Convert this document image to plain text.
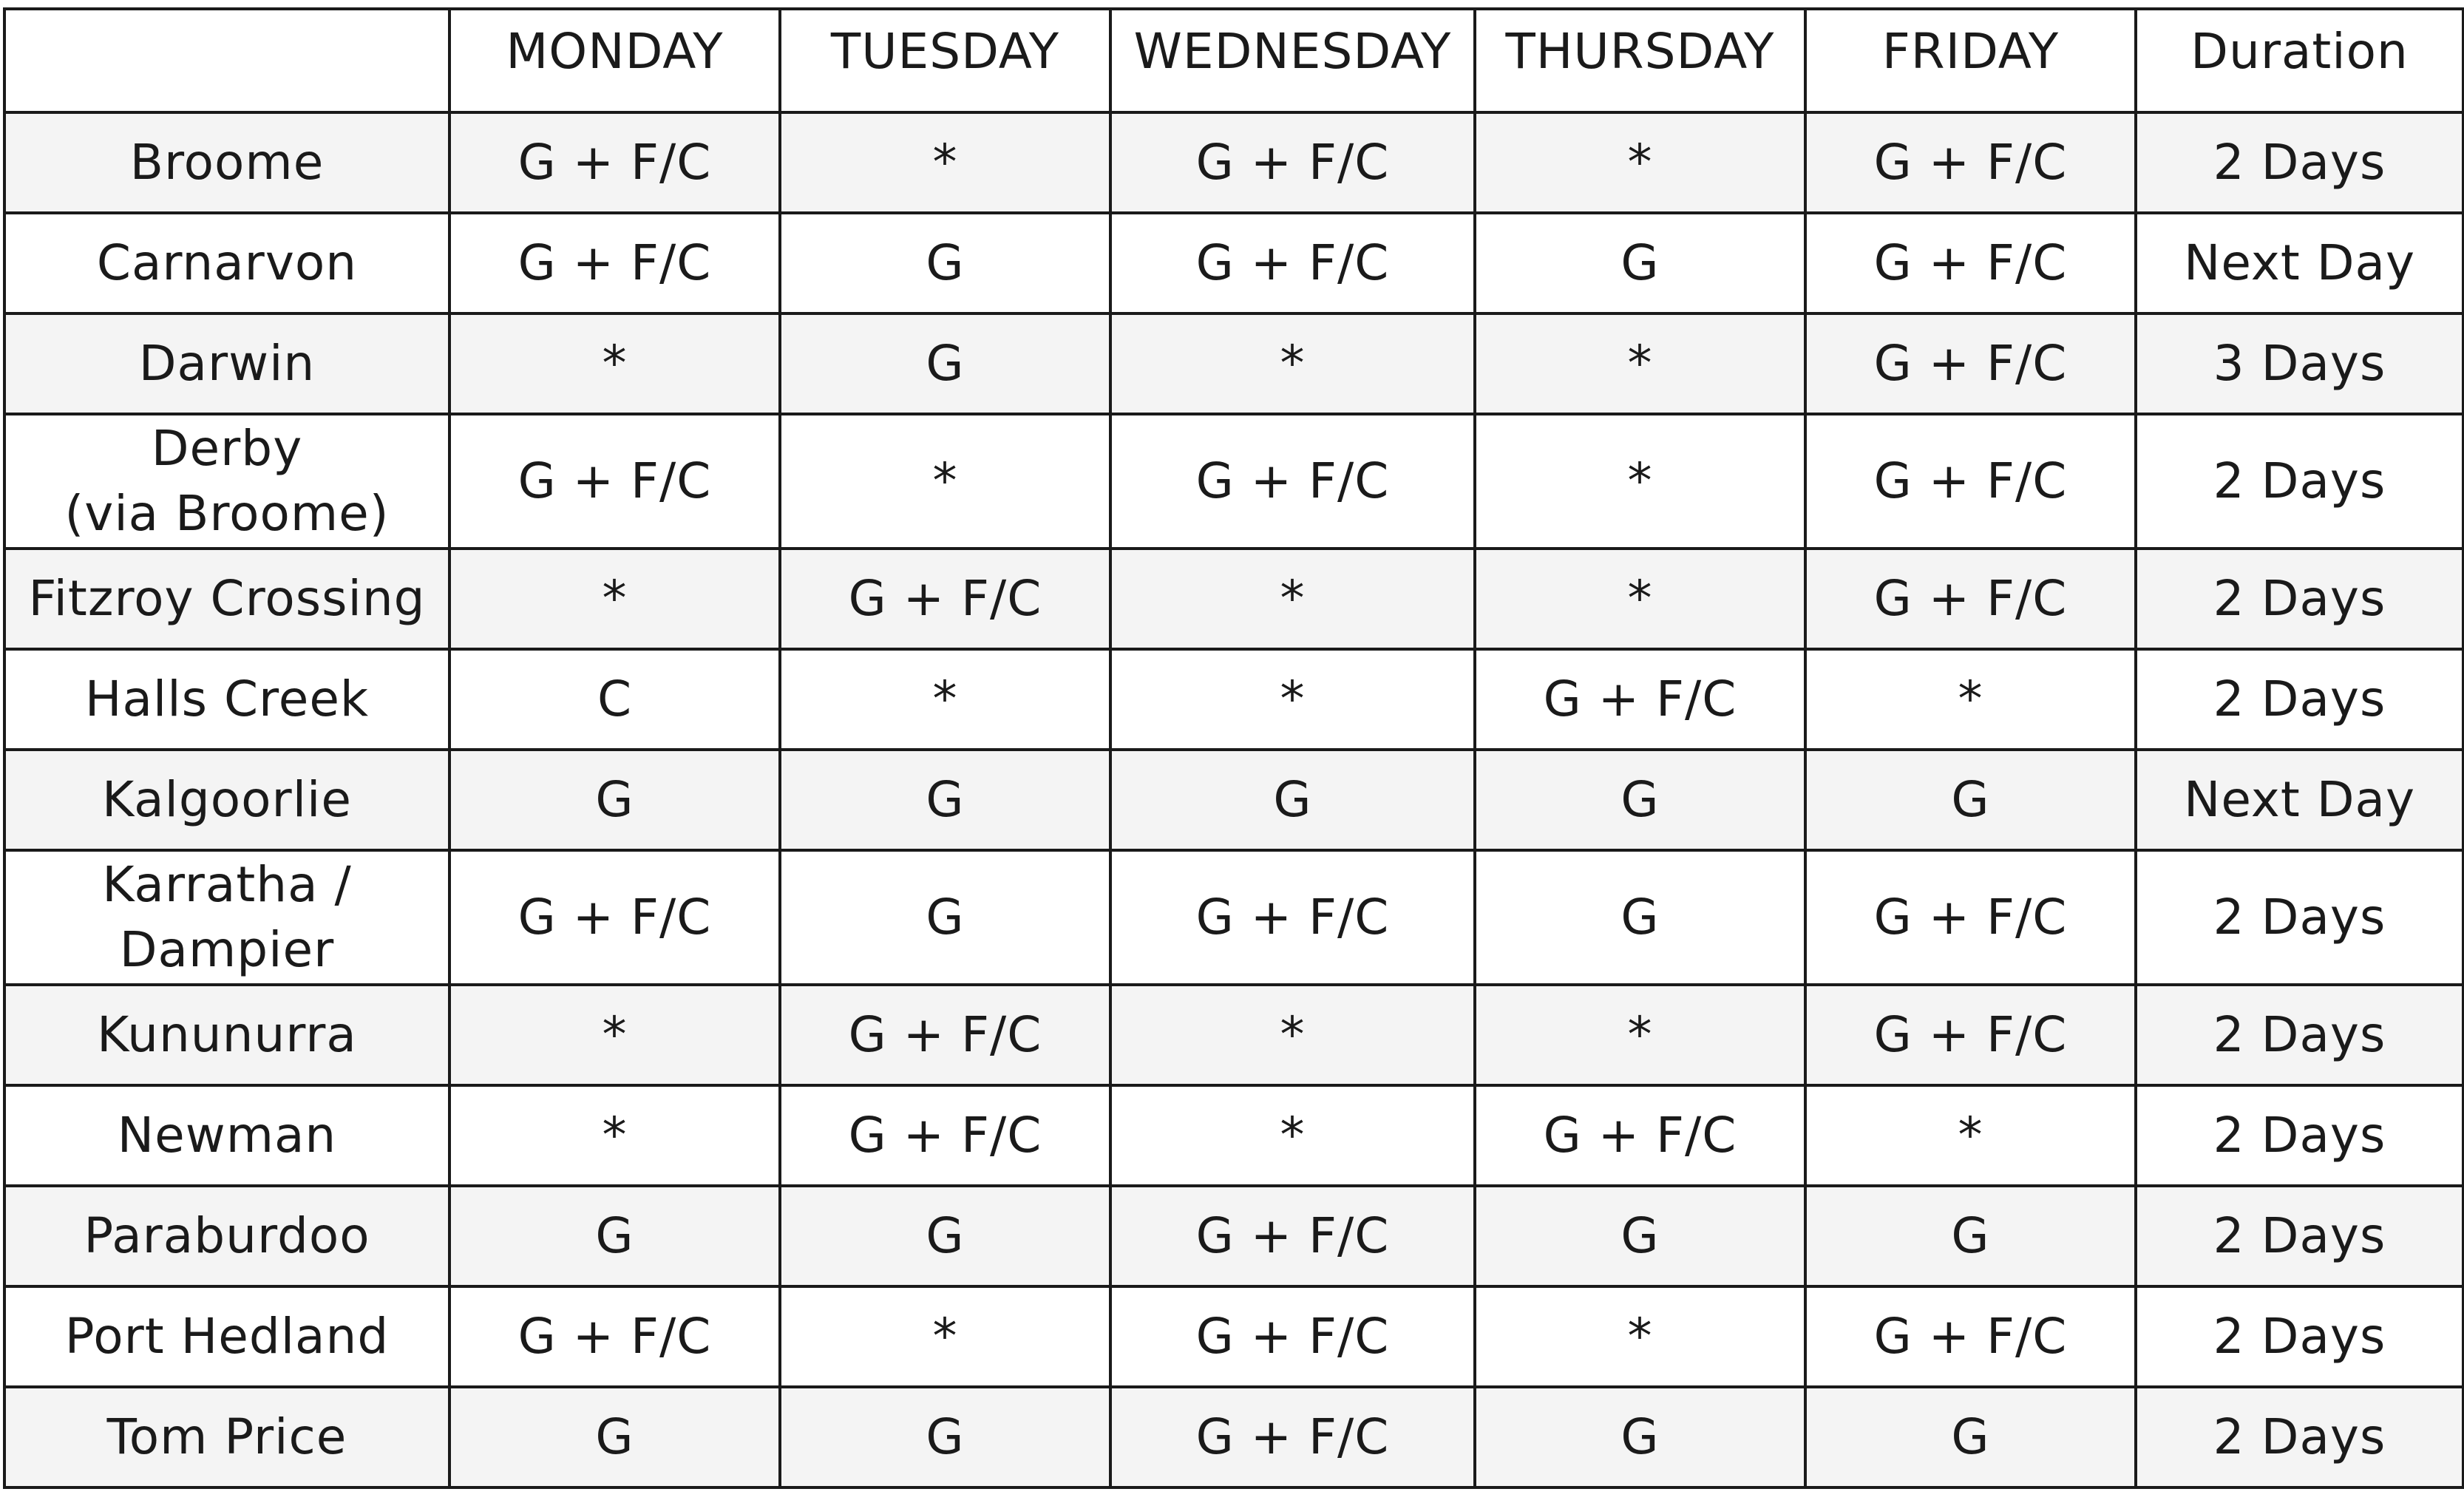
	MONDAY	TUESDAY	WEDNESDAY	THURSDAY	FRIDAY	Duration
Broome	G + F/C	*	G + F/C	*	G + F/C	2 Days
Carnarvon	G + F/C	G	G + F/C	G	G + F/C	Next Day
Darwin	*	G	*	*	G + F/C	3 Days
Derby
(via Broome)	G + F/C	*	G + F/C	*	G + F/C	2 Days
Fitzroy Crossing	*	G + F/C	*	*	G + F/C	2 Days
Halls Creek	C	*	*	G + F/C	*	2 Days
Kalgoorlie	G	G	G	G	G	Next Day
Karratha /
Dampier	G + F/C	G	G + F/C	G	G + F/C	2 Days
Kununurra	*	G + F/C	*	*	G + F/C	2 Days
Newman	*	G + F/C	*	G + F/C	*	2 Days
Paraburdoo	G	G	G + F/C	G	G	2 Days
Port Hedland	G + F/C	*	G + F/C	*	G + F/C	2 Days
Tom Price	G	G	G + F/C	G	G	2 Days
